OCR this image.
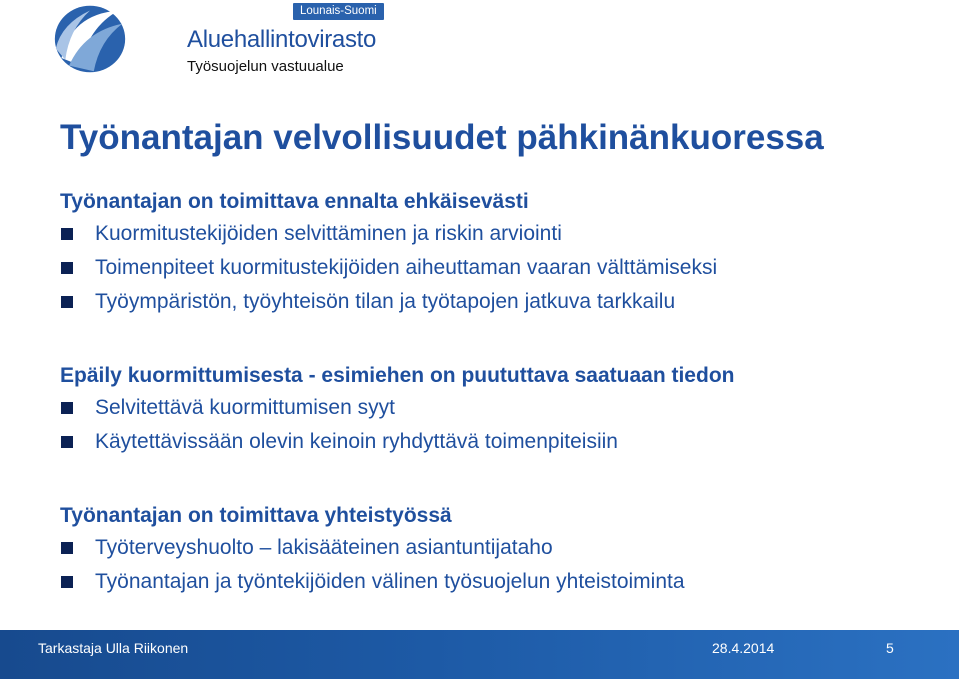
Lounais-Suomi
Aluehallintovirasto
Työsuojelun vastuualue
Työnantajan velvollisuudet pähkinänkuoressa
Työnantajan on toimittava ennalta ehkäisevästi
Kuormitustekijöiden selvittäminen ja riskin arviointi
Toimenpiteet kuormitustekijöiden aiheuttaman vaaran välttämiseksi
Työympäristön, työyhteisön tilan ja työtapojen jatkuva tarkkailu
Epäily kuormittumisesta - esimiehen on puututtava saatuaan tiedon
Selvitettävä kuormittumisen syyt
Käytettävissään olevin keinoin ryhdyttävä toimenpiteisiin
Työnantajan on toimittava yhteistyössä
Työterveyshuolto – lakisääteinen asiantuntijataho
Työnantajan ja työntekijöiden välinen työsuojelun yhteistoiminta
Tarkastaja Ulla Riikonen	28.4.2014	5
